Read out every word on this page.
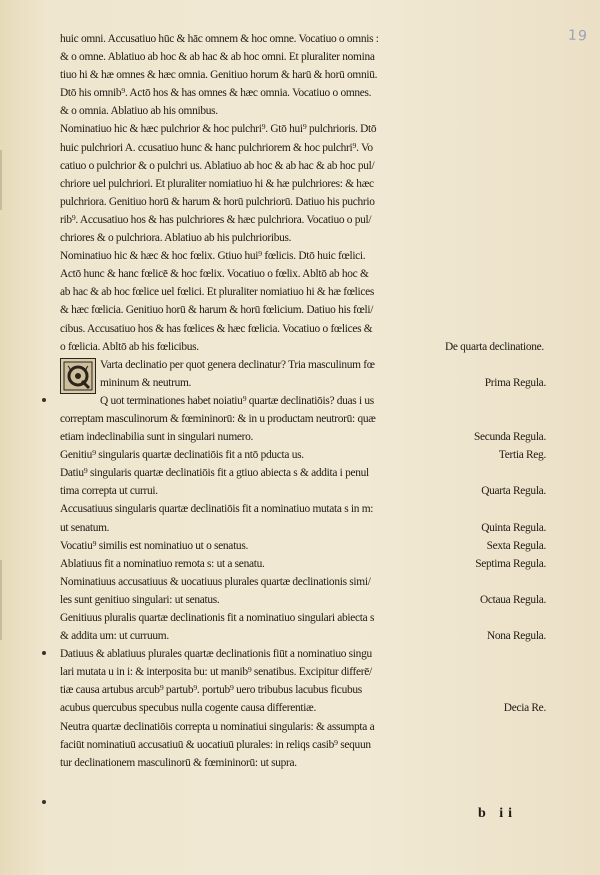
19
huic omni. Accusatiuo hūc & hāc omnem & hoc omne. Vocatiuo o omnis :
& o omne. Ablatiuo ab hoc & ab hac & ab hoc omni. Et pluraliter nomina
tiuo hi & hæ omnes & hæc omnia. Genitiuo horum & harū & horū omniū.
Dtō his omnib⁹. Actō hos & has omnes & hæc omnia. Vocatiuo o omnes.
& o omnia. Ablatiuo ab his omnibus.
Nominatiuo hic & hæc pulchrior & hoc pulchri⁹. Gtō hui⁹ pulchrioris. Dtō
huic pulchriori A. ccusatiuo hunc & hanc pulchriorem & hoc pulchri⁹. Vo
catiuo o pulchrior & o pulchri us. Ablatiuo ab hoc & ab hac & ab hoc pul/
chriore uel pulchriori. Et pluraliter nomiatiuo hi & hæ pulchriores: & hæc
pulchriora. Genitiuo horū & harum & horū pulchriorū. Datiuo his puchrio
rib⁹. Accusatiuo hos & has pulchriores & hæc pulchriora. Vocatiuo o pul/
chriores & o pulchriora. Ablatiuo ab his pulchrioribus.
Nominatiuo hic & hæc & hoc fœlix. Gtiuo hui⁹ fœlicis. Dtō huic fœlici.
Actō hunc & hanc fœlicē & hoc fœlix. Vocatiuo o fœlix. Abltō ab hoc &
ab hac & ab hoc fœlice uel fœlici. Et pluraliter nomiatiuo hi & hæ fœlices
& hæc fœlicia. Genitiuo horū & harum & horū fœlicium. Datiuo his fœli/
cibus. Accusatiuo hos & has fœlices & hæc fœlicia. Vocatiuo o fœlices &
o fœlicia. Abltō ab his fœlicibus.	De quarta declinatione.
Varta declinatio per quot genera declinatur? Tria masculinum fœ
mininum & neutrum.	Prima Regula.
Q uot terminationes habet noiatiu⁹ quartæ declinatiōis? duas i us
correptam masculinorum & fœmininorū: & in u productam neutrorū: quæ
etiam indeclinabilia sunt in singulari numero.	Secunda Regula.
Genitiu⁹ singularis quartæ declinatiōis fit a ntō pducta us.	Tertia Reg.
Datiu⁹ singularis quartæ declinatiōis fit a gtiuo abiecta s & addita i penul
tima correpta ut currui.	Quarta Regula.
Accusatiuus singularis quartæ declinatiōis fit a nominatiuo mutata s in m:
ut senatum.	Quinta Regula.
Vocatiu⁹ similis est nominatiuo ut o senatus.	Sexta Regula.
Ablatiuus fit a nominatiuo remota s: ut a senatu.	Septima Regula.
Nominatiuus accusatiuus & uocatiuus plurales quartæ declinationis simi/
les sunt genitiuo singulari: ut senatus.	Octaua Regula.
Genitiuus pluralis quartæ declinationis fit a nominatiuo singulari abiecta s
& addita um: ut curruum.	Nona Regula.
Datiuus & ablatiuus plurales quartæ declinationis fiūt a nominatiuo singu
lari mutata u in i: & interposita bu: ut manib⁹ senatibus. Excipitur differē/
tiæ causa artubus arcub⁹ partub⁹. portub⁹ uero tribubus lacubus ficubus
acubus quercubus specubus nulla cogente causa differentiæ.	Decia Re.
Neutra quartæ declinatiōis correpta u nominatiui singularis: & assumpta a
faciūt nominatiuū accusatiuū & uocatiuū plurales: in reliqs casib⁹ sequun
tur declinationem masculinorū & fœmininorū: ut supra.
b ii
